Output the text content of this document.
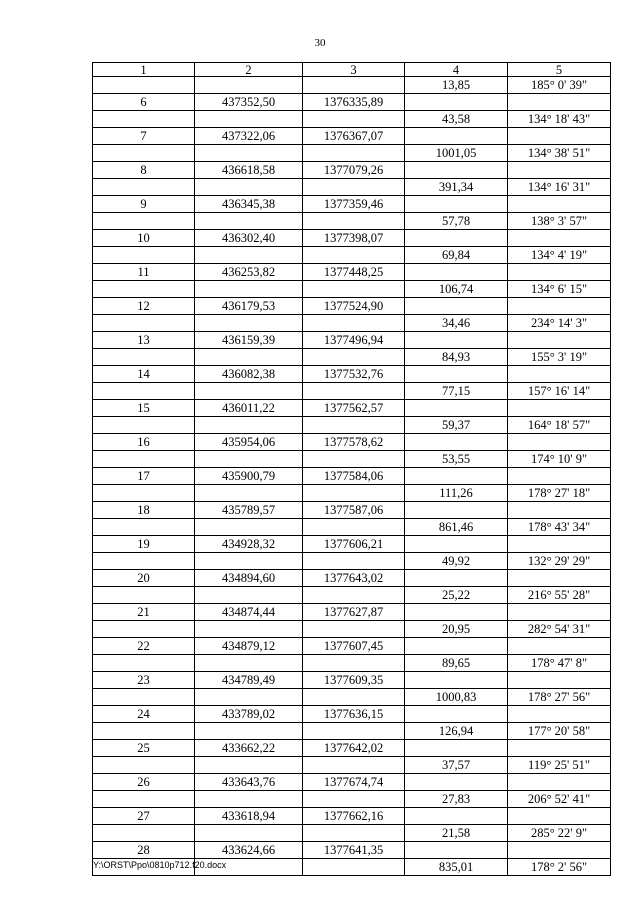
30
1	2	3	4	5
			13,85	185° 0' 39"
6	437352,50	1376335,89		
			43,58	134° 18' 43"
7	437322,06	1376367,07		
			1001,05	134° 38' 51"
8	436618,58	1377079,26		
			391,34	134° 16' 31"
9	436345,38	1377359,46		
			57,78	138° 3' 57"
10	436302,40	1377398,07		
			69,84	134° 4' 19"
11	436253,82	1377448,25		
			106,74	134° 6' 15"
12	436179,53	1377524,90		
			34,46	234° 14' 3"
13	436159,39	1377496,94		
			84,93	155° 3' 19"
14	436082,38	1377532,76		
			77,15	157° 16' 14"
15	436011,22	1377562,57		
			59,37	164° 18' 57"
16	435954,06	1377578,62		
			53,55	174° 10' 9"
17	435900,79	1377584,06		
			111,26	178° 27' 18"
18	435789,57	1377587,06		
			861,46	178° 43' 34"
19	434928,32	1377606,21		
			49,92	132° 29' 29"
20	434894,60	1377643,02		
			25,22	216° 55' 28"
21	434874,44	1377627,87		
			20,95	282° 54' 31"
22	434879,12	1377607,45		
			89,65	178° 47' 8"
23	434789,49	1377609,35		
			1000,83	178° 27' 56"
24	433789,02	1377636,15		
			126,94	177° 20' 58"
25	433662,22	1377642,02		
			37,57	119° 25' 51"
26	433643,76	1377674,74		
			27,83	206° 52' 41"
27	433618,94	1377662,16		
			21,58	285° 22' 9"
28	433624,66	1377641,35		
			835,01	178° 2' 56"
Y:\ORST\Ppo\0810p712.f20.docx
